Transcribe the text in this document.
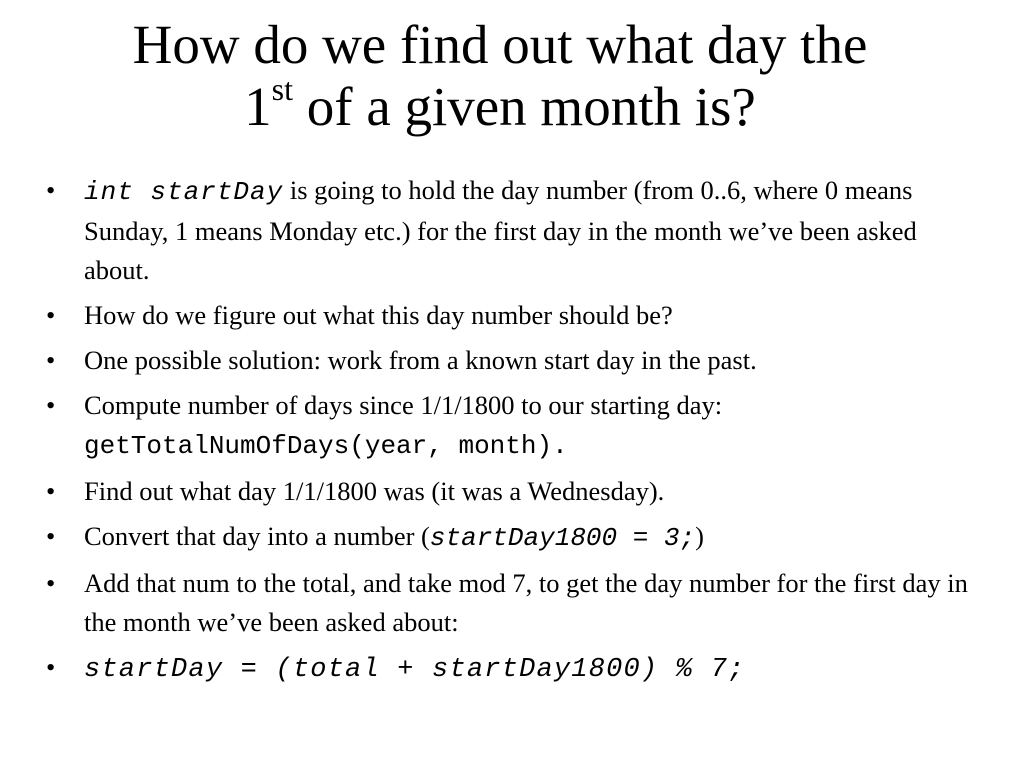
How do we find out what day the
1st of a given month is?
• int startDay is going to hold the day number (from 0..6, where 0 means Sunday, 1 means Monday etc.) for the first day in the month we’ve been asked about.
• How do we figure out what this day number should be?
• One possible solution: work from a known start day in the past.
• Compute number of days since 1/1/1800 to our starting day: getTotalNumOfDays(year, month).
• Find out what day 1/1/1800 was (it was a Wednesday).
• Convert that day into a number (startDay1800 = 3;)
• Add that num to the total, and take mod 7, to get the day number for the first day in the month we’ve been asked about:
• startDay = (total + startDay1800) % 7;
